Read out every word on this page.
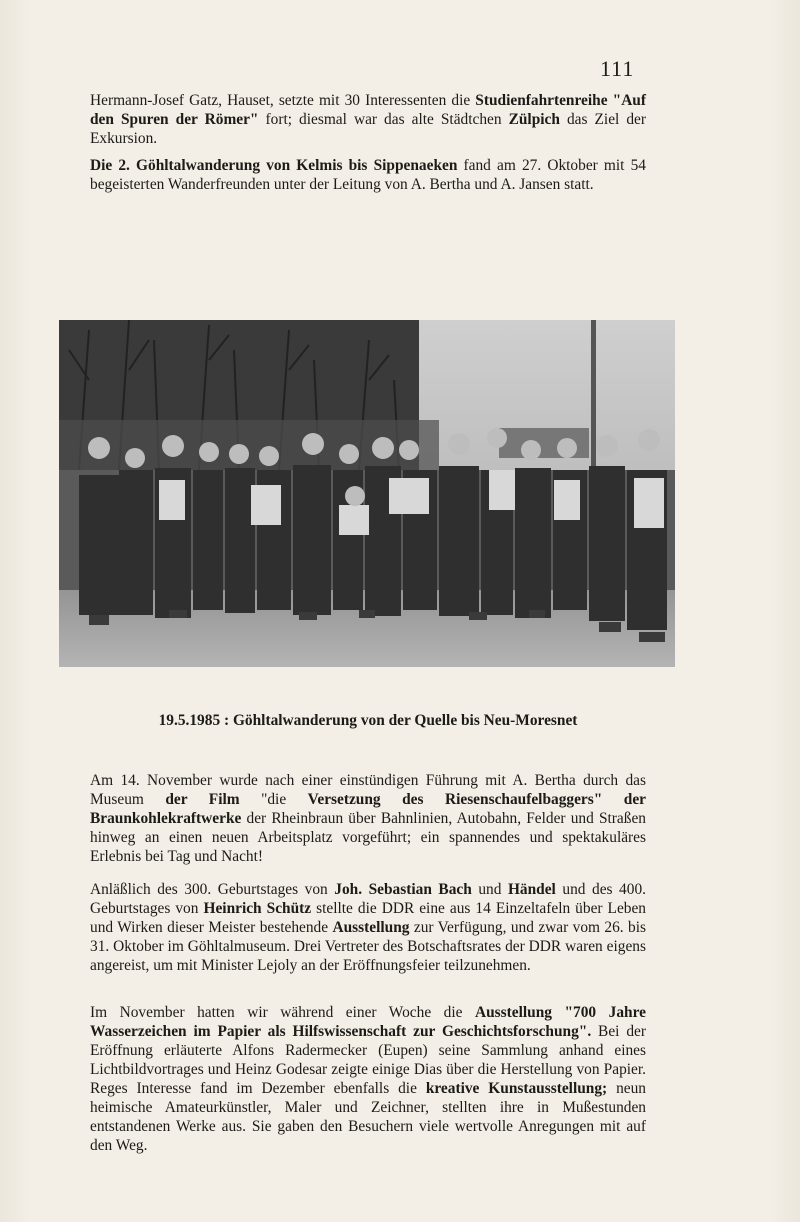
111

Hermann-Josef Gatz, Hauset, setzte mit 30 Interessenten die Studienfahrtenreihe "Auf den Spuren der Römer" fort; diesmal war das alte Städtchen Zülpich das Ziel der Exkursion.

Die 2. Göhltalwanderung von Kelmis bis Sippenaeken fand am 27. Oktober mit 54 begeisterten Wanderfreunden unter der Leitung von A. Bertha und A. Jansen statt.

19.5.1985 : Göhltalwanderung von der Quelle bis Neu-Moresnet

Am 14. November wurde nach einer einstündigen Führung mit A. Bertha durch das Museum der Film "die Versetzung des Riesenschaufelbaggers" der Braunkohlekraftwerke der Rheinbraun über Bahnlinien, Autobahn, Felder und Straßen hinweg an einen neuen Arbeitsplatz vorgeführt; ein spannendes und spektakuläres Erlebnis bei Tag und Nacht!

Anläßlich des 300. Geburtstages von Joh. Sebastian Bach und Händel und des 400. Geburtstages von Heinrich Schütz stellte die DDR eine aus 14 Einzeltafeln über Leben und Wirken dieser Meister bestehende Ausstellung zur Verfügung, und zwar vom 26. bis 31. Oktober im Göhltalmuseum. Drei Vertreter des Botschaftsrates der DDR waren eigens angereist, um mit Minister Lejoly an der Eröffnungsfeier teilzunehmen.

Im November hatten wir während einer Woche die Ausstellung "700 Jahre Wasserzeichen im Papier als Hilfswissenschaft zur Geschichtsforschung". Bei der Eröffnung erläuterte Alfons Radermecker (Eupen) seine Sammlung anhand eines Lichtbildvortrages und Heinz Godesar zeigte einige Dias über die Herstellung von Papier. Reges Interesse fand im Dezember ebenfalls die kreative Kunstausstellung; neun heimische Amateurkünstler, Maler und Zeichner, stellten ihre in Mußestunden entstandenen Werke aus. Sie gaben den Besuchern viele wertvolle Anregungen mit auf den Weg.
